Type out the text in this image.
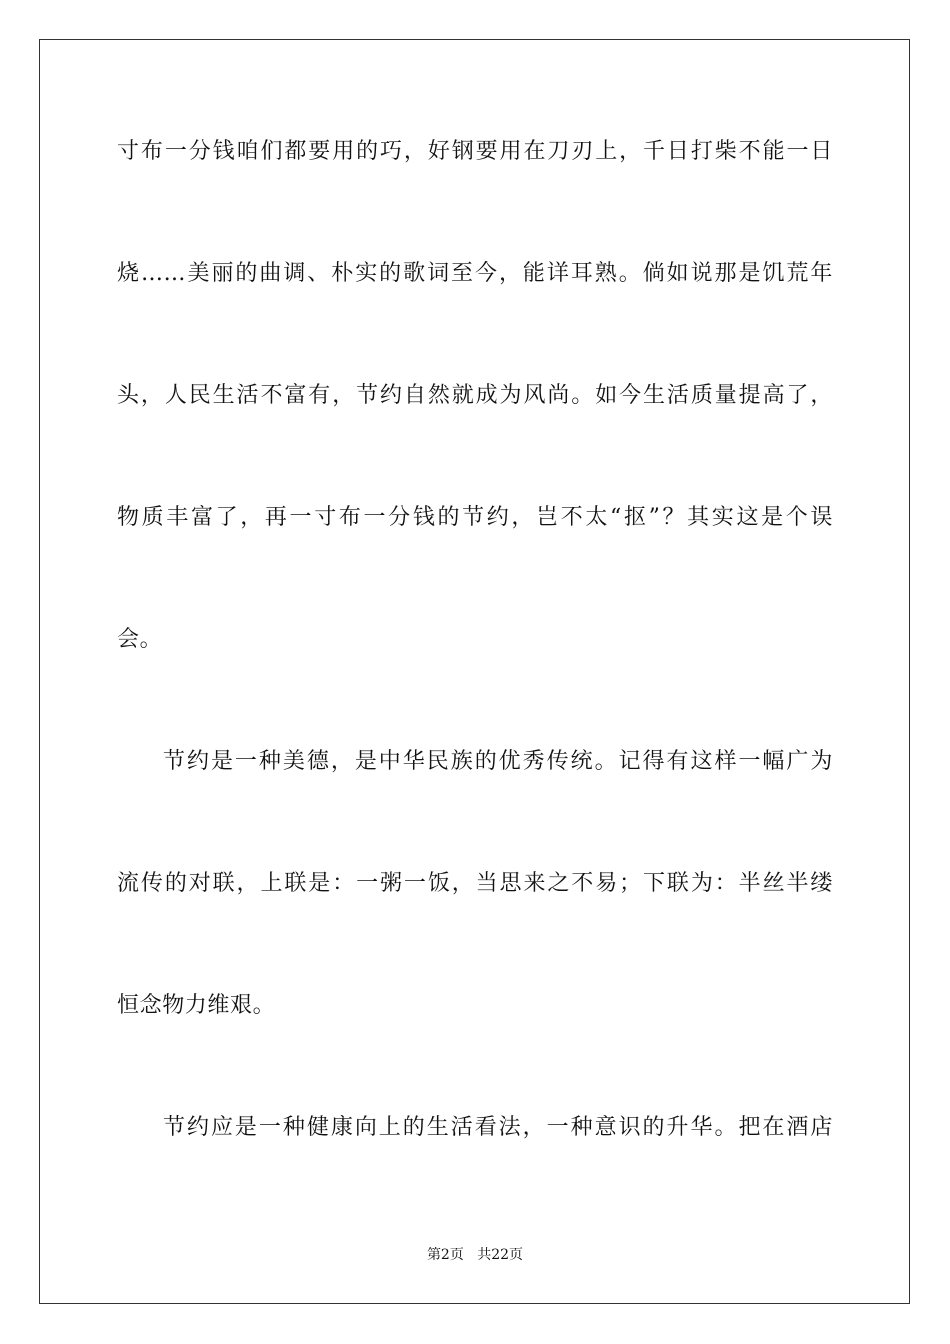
寸布一分钱咱们都要用的巧，好钢要用在刀刃上，千日打柴不能一日
烧……美丽的曲调、朴实的歌词至今，能详耳熟。倘如说那是饥荒年
头，人民生活不富有，节约自然就成为风尚。如今生活质量提高了，
物质丰富了，再一寸布一分钱的节约，岂不太“抠”？其实这是个误
会。
节约是一种美德，是中华民族的优秀传统。记得有这样一幅广为
流传的对联，上联是：一粥一饭，当思来之不易；下联为：半丝半缕
恒念物力维艰。
节约应是一种健康向上的生活看法，一种意识的升华。把在酒店
第2页 共22页
